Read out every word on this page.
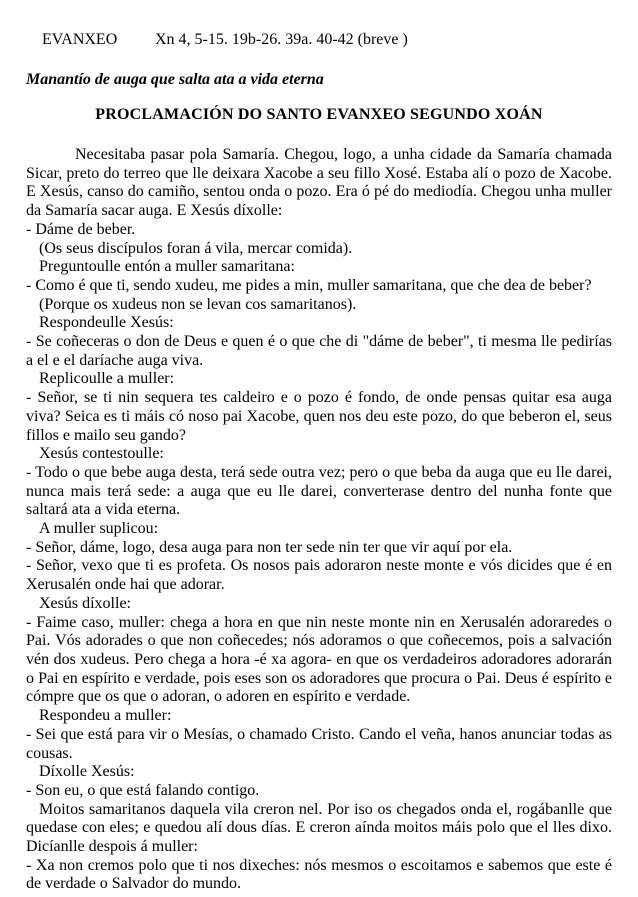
EVANXEO Xn 4, 5-15. 19b-26. 39a. 40-42 (breve )

Manantío de auga que salta ata a vida eterna
PROCLAMACIÓN DO SANTO EVANXEO SEGUNDO XOÁN

Necesitaba pasar pola Samaría. Chegou, logo, a unha cidade da Samaría chamada Sicar, preto do terreo que lle deixara Xacobe a seu fillo Xosé. Estaba alí o pozo de Xacobe. E Xesús, canso do camiño, sentou onda o pozo. Era ó pé do mediodía. Chegou unha muller da Samaría sacar auga. E Xesús díxolle:

- Dáme de beber.

(Os seus discípulos foran á vila, mercar comida).

Preguntoulle entón a muller samaritana:

- Como é que ti, sendo xudeu, me pides a min, muller samaritana, que che dea de beber?

(Porque os xudeus non se levan cos samaritanos).

Respondeulle Xesús:

- Se coñeceras o don de Deus e quen é o que che di "dáme de beber", ti mesma lle pedirías a el e el daríache auga viva.

Replicoulle a muller:

- Señor, se ti nin sequera tes caldeiro e o pozo é fondo, de onde pensas quitar esa auga viva? Seica es ti máis có noso pai Xacobe, quen nos deu este pozo, do que beberon el, seus fillos e mailo seu gando?

Xesús contestoulle:

- Todo o que bebe auga desta, terá sede outra vez; pero o que beba da auga que eu lle darei, nunca mais terá sede: a auga que eu lle darei, converterase dentro del nunha fonte que saltará ata a vida eterna.

A muller suplicou:

- Señor, dáme, logo, desa auga para non ter sede nin ter que vir aquí por ela.

- Señor, vexo que ti es profeta. Os nosos pais adoraron neste monte e vós dicides que é en Xerusalén onde hai que adorar.

Xesús díxolle:

- Faime caso, muller: chega a hora en que nin neste monte nin en Xerusalén adoraredes o Pai. Vós adorades o que non coñecedes; nós adoramos o que coñecemos, pois a salvación vén dos xudeus. Pero chega a hora -é xa agora- en que os verdadeiros adoradores adorarán o Pai en espírito e verdade, pois eses son os adoradores que procura o Pai. Deus é espírito e cómpre que os que o adoran, o adoren en espírito e verdade.

Respondeu a muller:

- Sei que está para vir o Mesías, o chamado Cristo. Cando el veña, hanos anunciar todas as cousas.

Díxolle Xesús:

- Son eu, o que está falando contigo.

Moitos samaritanos daquela vila creron nel. Por iso os chegados onda el, rogábanlle que quedase con eles; e quedou alí dous días. E creron aínda moitos máis polo que el lles dixo. Dicíanlle despois á muller:

- Xa non cremos polo que ti nos dixeches: nós mesmos o escoitamos e sabemos que este é de verdade o Salvador do mundo.
